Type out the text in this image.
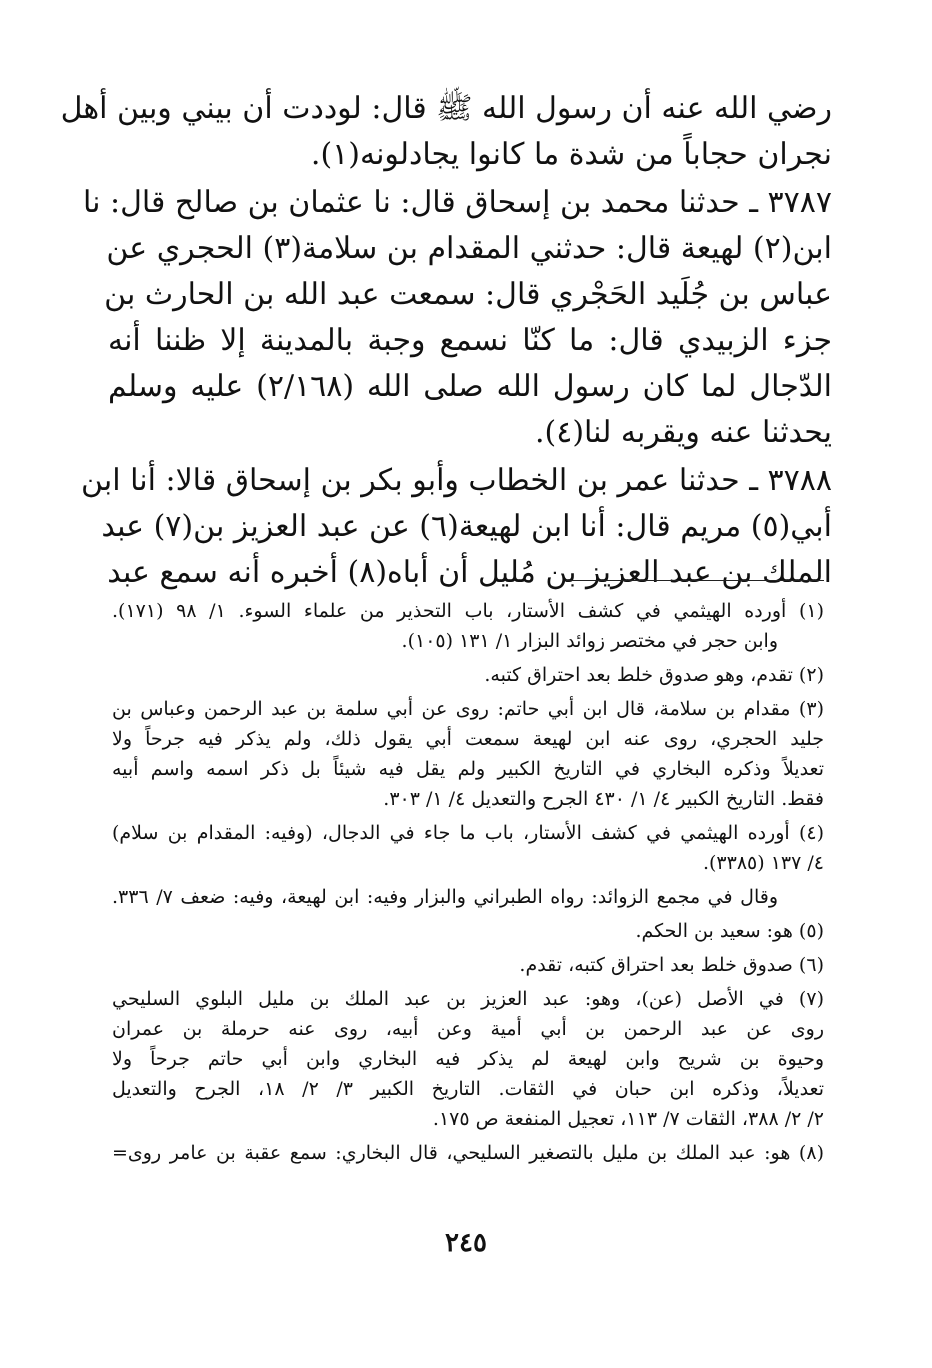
رضي الله عنه أن رسول الله ﷺ قال: لوددت أن بيني وبين أهل
نجران حجاباً من شدة ما كانوا يجادلونه(١).
٣٧٨٧ ـ حدثنا محمد بن إسحاق قال: نا عثمان بن صالح قال: نا
ابن(٢) لهيعة قال: حدثني المقدام بن سلامة(٣) الحجري عن
عباس بن جُلَيد الحَجْري قال: سمعت عبد الله بن الحارث بن
جزء الزبيدي قال: ما كنّا نسمع وجبة بالمدينة إلا ظننا أنه
الدّجال لما كان رسول الله صلى الله (٢/١٦٨) عليه وسلم
يحدثنا عنه ويقربه لنا(٤).
٣٧٨٨ ـ حدثنا عمر بن الخطاب وأبو بكر بن إسحاق قالا: أنا ابن
أبي(٥) مريم قال: أنا ابن لهيعة(٦) عن عبد العزيز بن(٧) عبد
الملك بن عبد العزيز بن مُليل أن أباه(٨) أخبره أنه سمع عبد
(١) أورده الهيثمي في كشف الأستار، باب التحذير من علماء السوء. ١/ ٩٨ (١٧١).
وابن حجر في مختصر زوائد البزار ١/ ١٣١ (١٠٥).
(٢) تقدم، وهو صدوق خلط بعد احتراق كتبه.
(٣) مقدام بن سلامة، قال ابن أبي حاتم: روى عن أبي سلمة بن عبد الرحمن وعباس بن
جليد الحجري، روى عنه ابن لهيعة سمعت أبي يقول ذلك، ولم يذكر فيه جرحاً ولا
تعديلاً وذكره البخاري في التاريخ الكبير ولم يقل فيه شيئاً بل ذكر اسمه واسم أبيه
فقط. التاريخ الكبير ٤/ ١/ ٤٣٠ الجرح والتعديل ٤/ ١/ ٣٠٣.
(٤) أورده الهيثمي في كشف الأستار، باب ما جاء في الدجال، (وفيه: المقدام بن سلام)
٤/ ١٣٧ (٣٣٨٥).
وقال في مجمع الزوائد: رواه الطبراني والبزار وفيه: ابن لهيعة، وفيه: ضعف ٧/ ٣٣٦.
(٥) هو: سعيد بن الحكم.
(٦) صدوق خلط بعد احتراق كتبه، تقدم.
(٧) في الأصل (عن)، وهو: عبد العزيز بن عبد الملك بن مليل البلوي السليحي
روى عن عبد الرحمن بن أبي أمية وعن أبيه، روى عنه حرملة بن عمران
وحيوة بن شريح وابن لهيعة لم يذكر فيه البخاري وابن أبي حاتم جرحاً ولا
تعديلاً، وذكره ابن حبان في الثقات. التاريخ الكبير ٣/ ٢/ ١٨، الجرح والتعديل
٢/ ٢/ ٣٨٨، الثقات ٧/ ١١٣، تعجيل المنفعة ص ١٧٥.
(٨) هو: عبد الملك بن مليل بالتصغير السليحي، قال البخاري: سمع عقبة بن عامر روى=
٢٤٥
